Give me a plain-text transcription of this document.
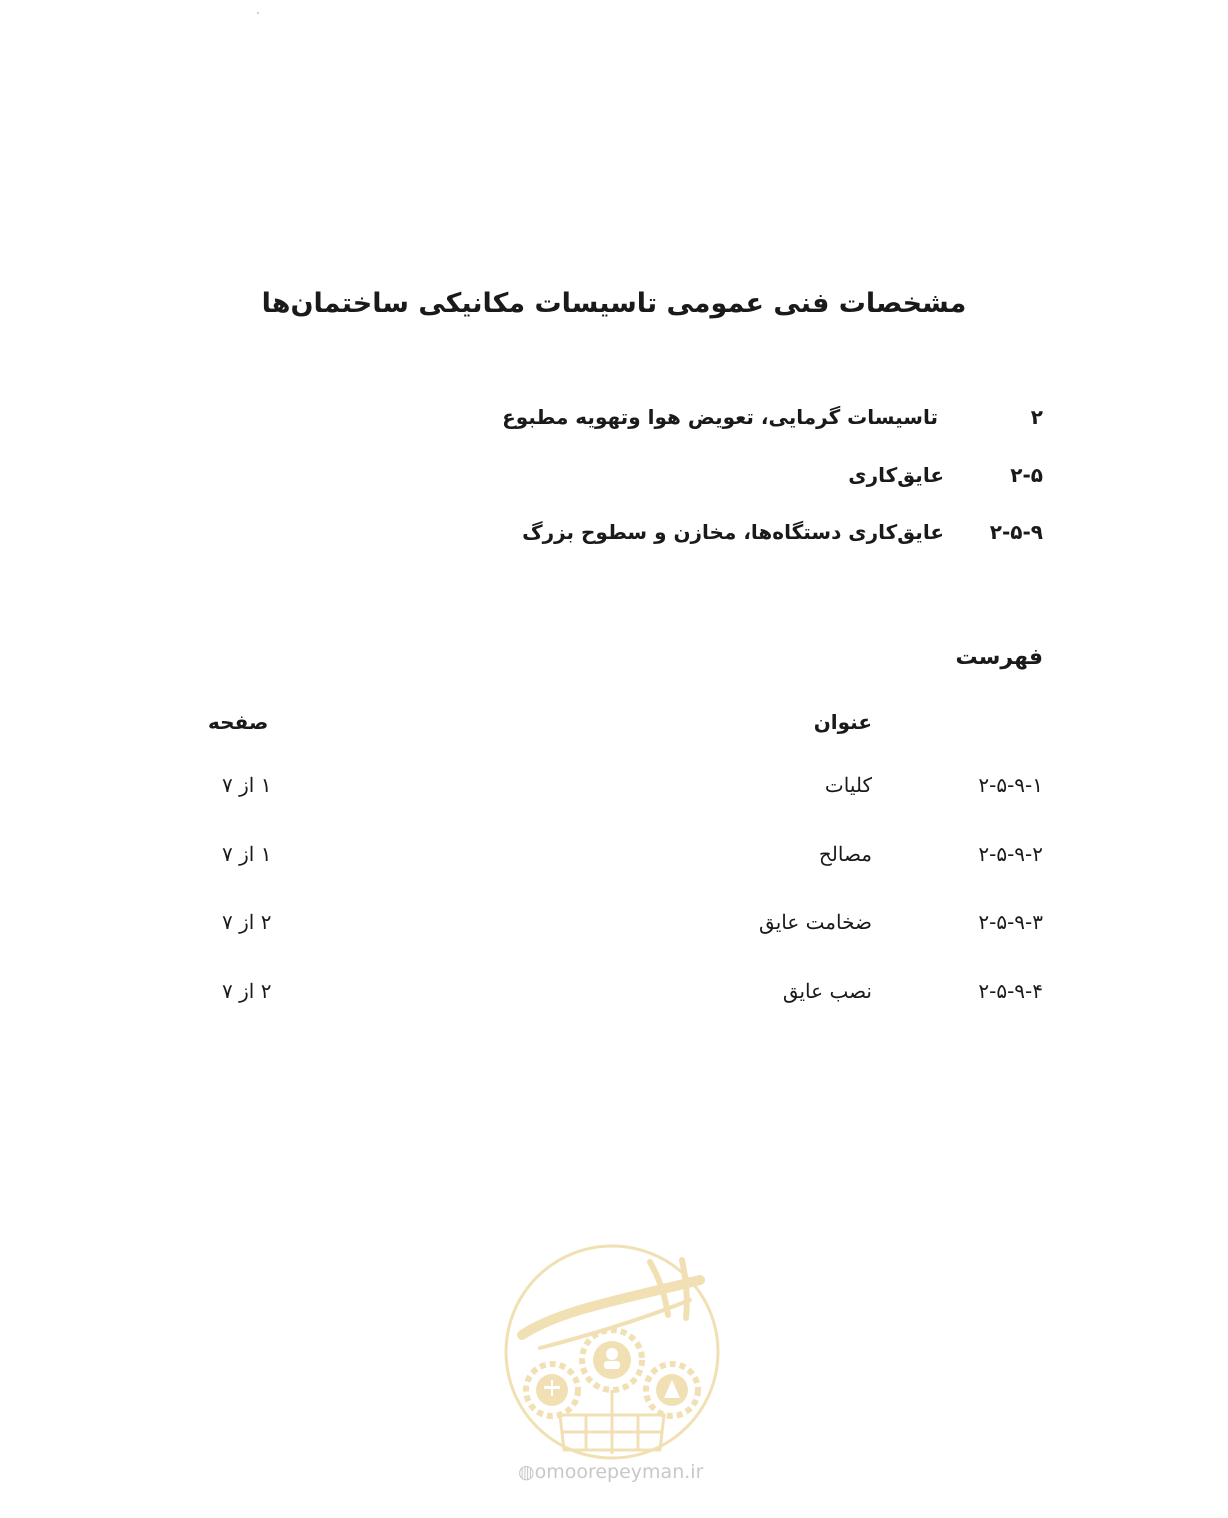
مشخصات فنی عمومی تاسیسات مکانیکی ساختمان‌ها
۲
تاسیسات گرمایی، تعویض هوا وتهویه مطبوع
۲-۵
عایق‌کاری
۲-۵-۹
عایق‌کاری دستگاه‌ها، مخازن و سطوح بزرگ
فهرست
عنوان
صفحه
۲-۵-۹-۱
کلیات
۱ از ۷
۲-۵-۹-۲
مصالح
۱ از ۷
۲-۵-۹-۳
ضخامت عایق
۲ از ۷
۲-۵-۹-۴
نصب عایق
۲ از ۷
◍omoorepeyman.ir
